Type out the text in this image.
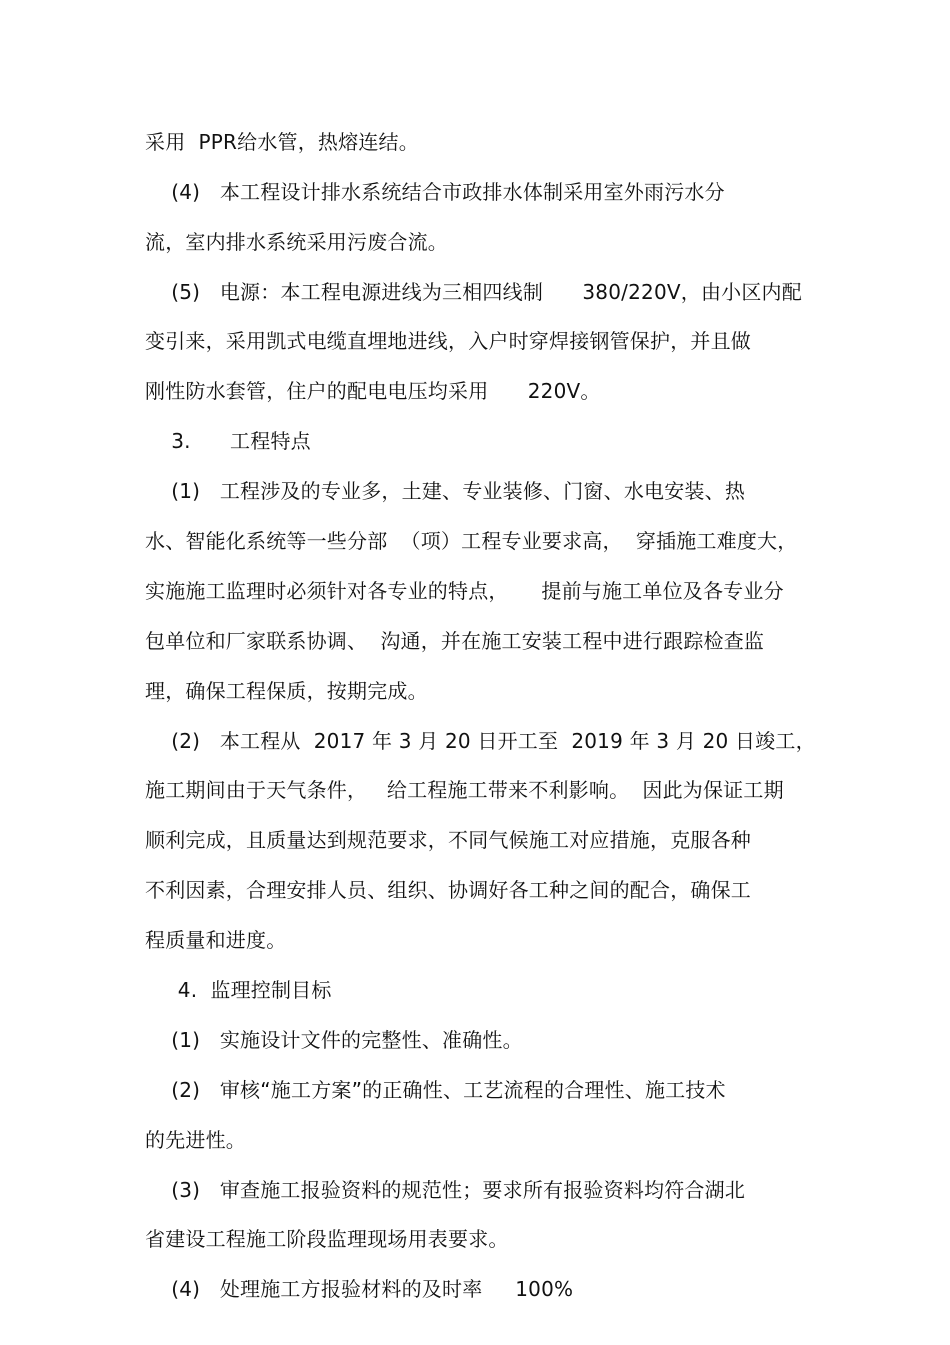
采用  PPR给水管，热熔连结。
(4)   本工程设计排水系统结合市政排水体制采用室外雨污水分
流，室内排水系统采用污废合流。
(5)   电源：本工程电源进线为三相四线制      380/220V，由小区内配
变引来，采用凯式电缆直埋地进线，入户时穿焊接钢管保护，并且做
刚性防水套管，住户的配电电压均采用      220V。
3.      工程特点
(1)   工程涉及的专业多，土建、专业装修、门窗、水电安装、热
水、智能化系统等一些分部  （项）工程专业要求高，  穿插施工难度大，
实施施工监理时必须针对各专业的特点，     提前与施工单位及各专业分
包单位和厂家联系协调、  沟通，并在施工安装工程中进行跟踪检查监
理，确保工程保质，按期完成。
(2)   本工程从  2017 年 3 月 20 日开工至  2019 年 3 月 20 日竣工，
施工期间由于天气条件，   给工程施工带来不利影响。  因此为保证工期
顺利完成，且质量达到规范要求，不同气候施工对应措施，克服各种
不利因素，合理安排人员、组织、协调好各工种之间的配合，确保工
程质量和进度。
4.  监理控制目标
(1)   实施设计文件的完整性、准确性。
(2)   审核“施工方案”的正确性、工艺流程的合理性、施工技术
的先进性。
(3)   审查施工报验资料的规范性；要求所有报验资料均符合湖北
省建设工程施工阶段监理现场用表要求。
(4)   处理施工方报验材料的及时率     100%
